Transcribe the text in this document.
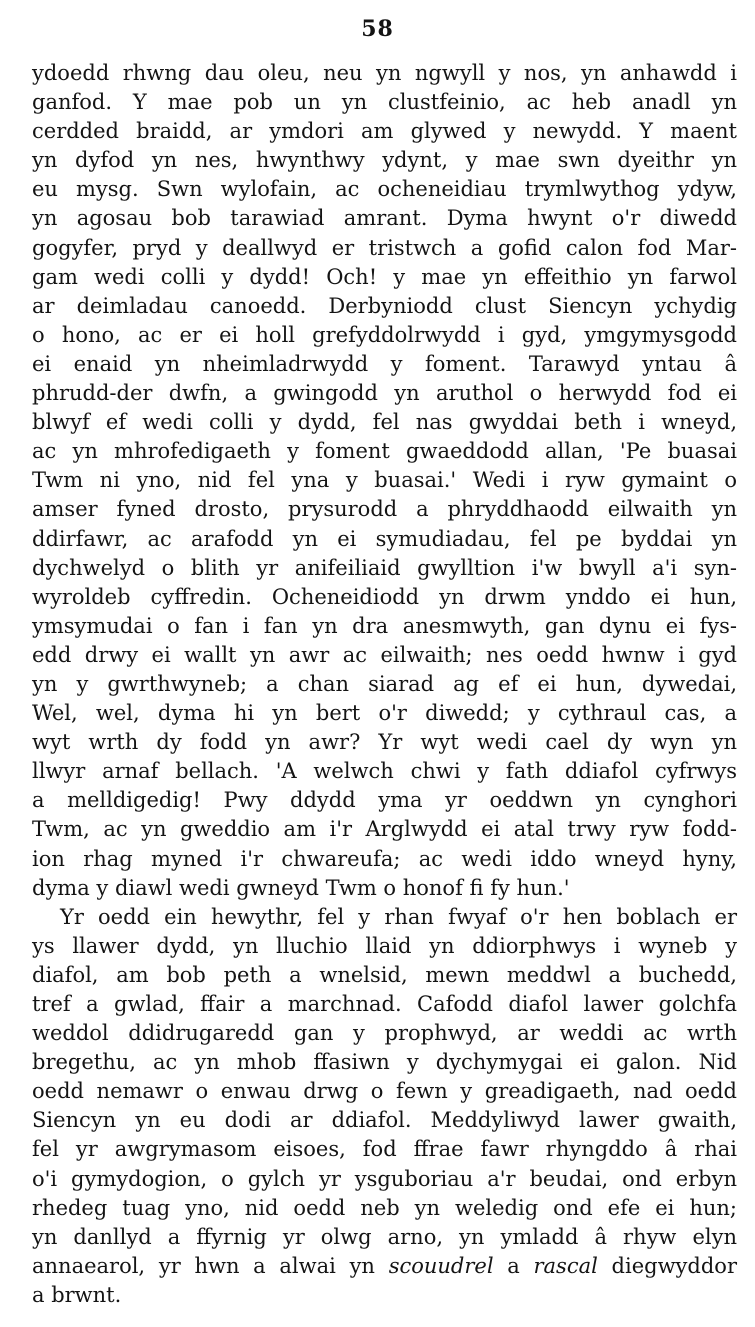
58
ydoedd rhwng dau oleu, neu yn ngwyll y nos, yn anhawdd i
ganfod. Y mae pob un yn clustfeinio, ac heb anadl yn
cerdded braidd, ar ymdori am glywed y newydd. Y maent
yn dyfod yn nes, hwynthwy ydynt, y mae swn dyeithr yn
eu mysg. Swn wylofain, ac ocheneidiau trymlwythog ydyw,
yn agosau bob tarawiad amrant. Dyma hwynt o'r diwedd
gogyfer, pryd y deallwyd er tristwch a gofid calon fod Mar-
gam wedi colli y dydd! Och! y mae yn effeithio yn farwol
ar deimladau canoedd. Derbyniodd clust Siencyn ychydig
o hono, ac er ei holl grefyddolrwydd i gyd, ymgymysgodd
ei enaid yn nheimladrwydd y foment. Tarawyd yntau â
phrudd-der dwfn, a gwingodd yn aruthol o herwydd fod ei
blwyf ef wedi colli y dydd, fel nas gwyddai beth i wneyd,
ac yn mhrofedigaeth y foment gwaeddodd allan, 'Pe buasai
Twm ni yno, nid fel yna y buasai.' Wedi i ryw gymaint o
amser fyned drosto, prysurodd a phryddhaodd eilwaith yn
ddirfawr, ac arafodd yn ei symudiadau, fel pe byddai yn
dychwelyd o blith yr anifeiliaid gwylltion i'w bwyll a'i syn-
wyroldeb cyffredin. Ocheneidiodd yn drwm ynddo ei hun,
ymsymudai o fan i fan yn dra anesmwyth, gan dynu ei fys-
edd drwy ei wallt yn awr ac eilwaith; nes oedd hwnw i gyd
yn y gwrthwyneb; a chan siarad ag ef ei hun, dywedai,
Wel, wel, dyma hi yn bert o'r diwedd; y cythraul cas, a
wyt wrth dy fodd yn awr? Yr wyt wedi cael dy wyn yn
llwyr arnaf bellach. 'A welwch chwi y fath ddiafol cyfrwys
a melldigedig! Pwy ddydd yma yr oeddwn yn cynghori
Twm, ac yn gweddio am i'r Arglwydd ei atal trwy ryw fodd-
ion rhag myned i'r chwareufa; ac wedi iddo wneyd hyny,
dyma y diawl wedi gwneyd Twm o honof fi fy hun.'
Yr oedd ein hewythr, fel y rhan fwyaf o'r hen boblach er
ys llawer dydd, yn lluchio llaid yn ddiorphwys i wyneb y
diafol, am bob peth a wnelsid, mewn meddwl a buchedd,
tref a gwlad, ffair a marchnad. Cafodd diafol lawer golchfa
weddol ddidrugaredd gan y prophwyd, ar weddi ac wrth
bregethu, ac yn mhob ffasiwn y dychymygai ei galon. Nid
oedd nemawr o enwau drwg o fewn y greadigaeth, nad oedd
Siencyn yn eu dodi ar ddiafol. Meddyliwyd lawer gwaith,
fel yr awgrymasom eisoes, fod ffrae fawr rhyngddo â rhai
o'i gymydogion, o gylch yr ysguboriau a'r beudai, ond erbyn
rhedeg tuag yno, nid oedd neb yn weledig ond efe ei hun;
yn danllyd a ffyrnig yr olwg arno, yn ymladd â rhyw elyn
annaearol, yr hwn a alwai yn scouudrel a rascal diegwyddor
a brwnt.
